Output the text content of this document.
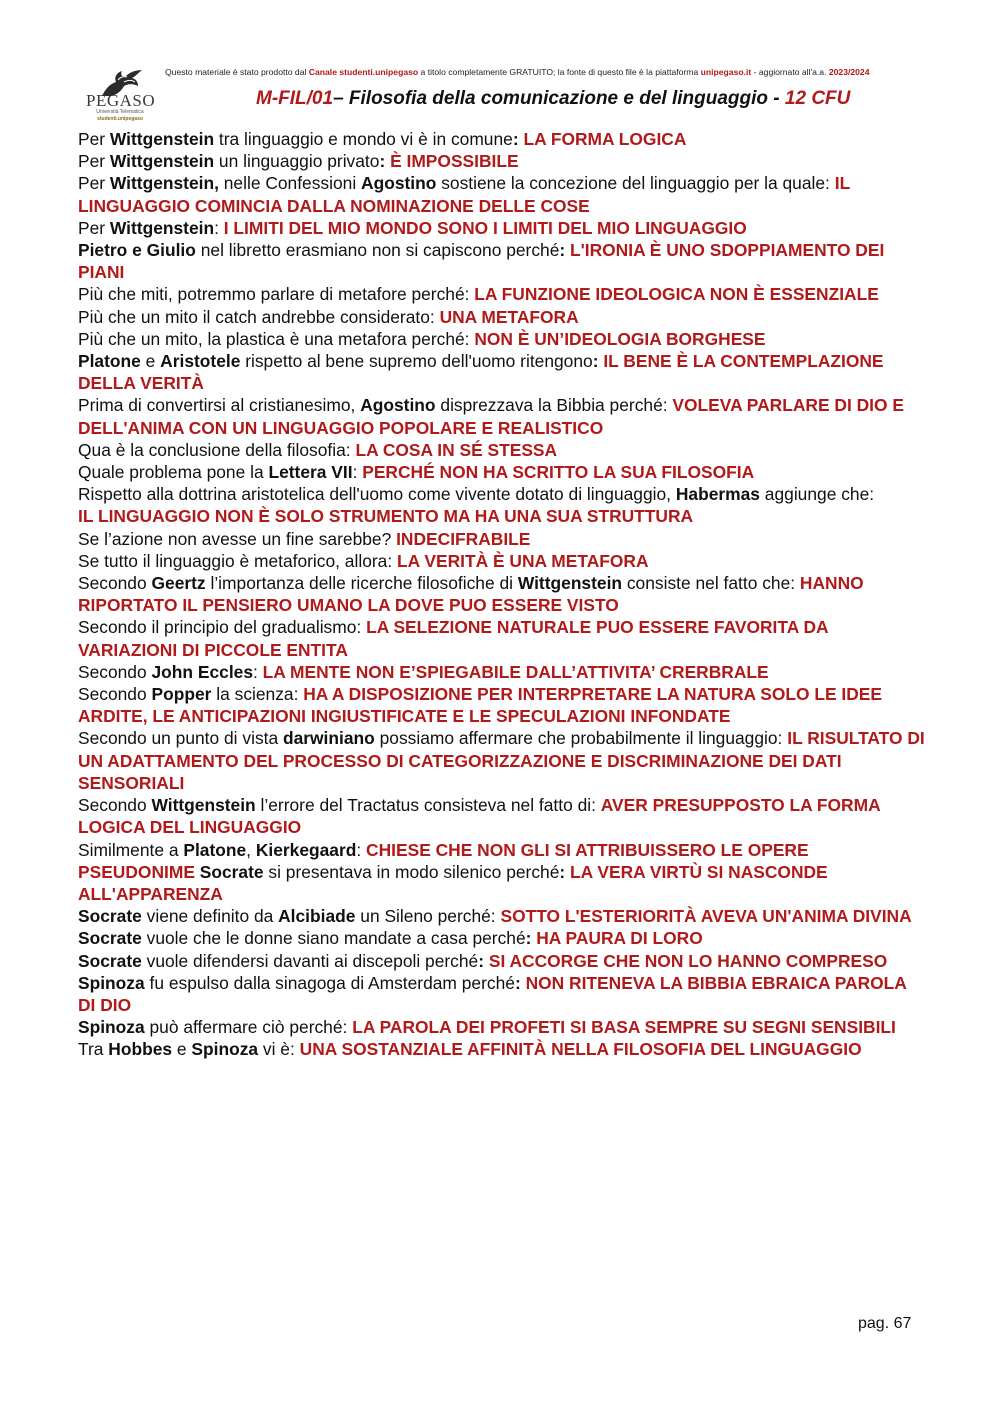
Questo materiale è stato prodotto dal Canale studenti.unipegaso a titolo completamente GRATUITO; la fonte di questo file è la piattaforma unipegaso.it - aggiornato all'a.a. 2023/2024
PEGASO
Università Telematica
studenti.unipegaso
M-FIL/01– Filosofia della comunicazione e del linguaggio - 12 CFU

Per Wittgenstein tra linguaggio e mondo vi è in comune: LA FORMA LOGICA

Per Wittgenstein un linguaggio privato: È IMPOSSIBILE

Per Wittgenstein, nelle Confessioni Agostino sostiene la concezione del linguaggio per la quale: IL LINGUAGGIO COMINCIA DALLA NOMINAZIONE DELLE COSE

Per Wittgenstein: I LIMITI DEL MIO MONDO SONO I LIMITI DEL MIO LINGUAGGIO

Pietro e Giulio nel libretto erasmiano non si capiscono perché: L'IRONIA È UNO SDOPPIAMENTO DEI PIANI

Più che miti, potremmo parlare di metafore perché: LA FUNZIONE IDEOLOGICA NON È ESSENZIALE

Più che un mito il catch andrebbe considerato: UNA METAFORA

Più che un mito, la plastica è una metafora perché: NON È UN’IDEOLOGIA BORGHESE

Platone e Aristotele rispetto al bene supremo dell'uomo ritengono: IL BENE È LA CONTEMPLAZIONE DELLA VERITÀ

Prima di convertirsi al cristianesimo, Agostino disprezzava la Bibbia perché: VOLEVA PARLARE DI DIO E DELL'ANIMA CON UN LINGUAGGIO POPOLARE E REALISTICO

Qua è la conclusione della filosofia: LA COSA IN SÉ STESSA

Quale problema pone la Lettera VII: PERCHÉ NON HA SCRITTO LA SUA FILOSOFIA

Rispetto alla dottrina aristotelica dell'uomo come vivente dotato di linguaggio, Habermas aggiunge che:
IL LINGUAGGIO NON È SOLO STRUMENTO MA HA UNA SUA STRUTTURA

Se l’azione non avesse un fine sarebbe? INDECIFRABILE

Se tutto il linguaggio è metaforico, allora: LA VERITÀ È UNA METAFORA

Secondo Geertz l’importanza delle ricerche filosofiche di Wittgenstein consiste nel fatto che: HANNO RIPORTATO IL PENSIERO UMANO LA DOVE PUO ESSERE VISTO

Secondo il principio del gradualismo: LA SELEZIONE NATURALE PUO ESSERE FAVORITA DA VARIAZIONI DI PICCOLE ENTITA

Secondo John Eccles: LA MENTE NON E’SPIEGABILE DALL’ATTIVITA’ CRERBRALE

Secondo Popper la scienza: HA A DISPOSIZIONE PER INTERPRETARE LA NATURA SOLO LE IDEE ARDITE, LE ANTICIPAZIONI INGIUSTIFICATE E LE SPECULAZIONI INFONDATE

Secondo un punto di vista darwiniano possiamo affermare che probabilmente il linguaggio: IL RISULTATO DI UN ADATTAMENTO DEL PROCESSO DI CATEGORIZZAZIONE E DISCRIMINAZIONE DEI DATI SENSORIALI

Secondo Wittgenstein l’errore del Tractatus consisteva nel fatto di: AVER PRESUPPOSTO LA FORMA LOGICA DEL LINGUAGGIO

Similmente a Platone, Kierkegaard: CHIESE CHE NON GLI SI ATTRIBUISSERO LE OPERE PSEUDONIME Socrate si presentava in modo silenico perché: LA VERA VIRTÙ SI NASCONDE ALL'APPARENZA

Socrate viene definito da Alcibiade un Sileno perché: SOTTO L'ESTERIORITÀ AVEVA UN'ANIMA DIVINA Socrate vuole che le donne siano mandate a casa perché: HA PAURA DI LORO

Socrate vuole difendersi davanti ai discepoli perché: SI ACCORGE CHE NON LO HANNO COMPRESO Spinoza fu espulso dalla sinagoga di Amsterdam perché: NON RITENEVA LA BIBBIA EBRAICA PAROLA DI DIO

Spinoza può affermare ciò perché: LA PAROLA DEI PROFETI SI BASA SEMPRE SU SEGNI SENSIBILI

Tra Hobbes e Spinoza vi è: UNA SOSTANZIALE AFFINITÀ NELLA FILOSOFIA DEL LINGUAGGIO

pag. 67
